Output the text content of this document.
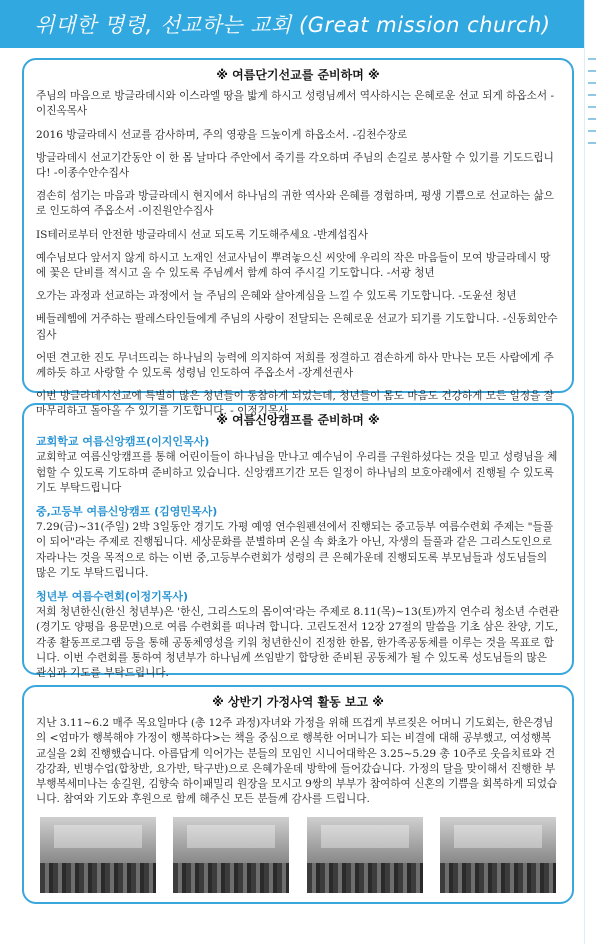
위대한 명령, 선교하는 교회 (Great mission church)
※ 여름단기선교를 준비하며 ※

주님의 마음으로 방글라데시와 이스라엘 땅을 밟게 하시고 성령님께서 역사하시는 은혜로운 선교 되게 하옵소서 -이진옥목사

2016 방글라데시 선교를 감사하며, 주의 영광을 드높이게 하옵소서. -김천수장로

방글라데시 선교기간동안 이 한 몸 날마다 주안에서 죽기를 각오하며 주님의 손길로 봉사할 수 있기를 기도드립니다! -이종수안수집사

겸손히 섬기는 마음과 방글라데시 현지에서 하나님의 귀한 역사와 은혜를 경험하며, 평생 기쁨으로 선교하는 삶으로 인도하여 주옵소서 -이진원안수집사

IS테러로부터 안전한 방글라데시 선교 되도록 기도해주세요 -반계섭집사

예수님보다 앞서지 않게 하시고 노재인 선교사님이 뿌려놓으신 씨앗에 우리의 작은 마음들이 모여 방글라데시 땅에 꽃은 단비를 적시고 올 수 있도록 주님께서 함께 하여 주시길 기도합니다. -서광 청년

오가는 과정과 선교하는 과정에서 늘 주님의 은혜와 살아계심을 느낄 수 있도록 기도합니다. -도윤선 청년

베들레헴에 거주하는 팔레스타인들에게 주님의 사랑이 전달되는 은혜로운 선교가 되기를 기도합니다. -신동희안수집사

어떤 견고한 진도 무너뜨리는 하나님의 능력에 의지하여 저희를 정결하고 겸손하게 하사 만나는 모든 사람에게 주께하듯 하고 사랑할 수 있도록 성령님 인도하여 주옵소서 -장계선권사

이번 방글라데시선교에 특별히 많은 청년들이 동참하게 되었는데, 청년들이 몸도 마음도 건강하게 모든 일정을 잘 마무리하고 돌아올 수 있기를 기도합니다. - 이정기목사

※ 여름신앙캠프를 준비하며 ※
교회학교 여름신앙캠프(이지인목사)

교회학교 여름신앙캠프를 통해 어린이들이 하나님을 만나고 예수님이 우리를 구원하셨다는 것을 믿고 성령님을 체험할 수 있도록 기도하며 준비하고 있습니다. 신앙캠프기간 모든 일정이 하나님의 보호아래에서 진행될 수 있도록 기도 부탁드립니다

중,고등부 여름신앙캠프 (김영민목사)

7.29(금)~31(주일) 2박 3일동안 경기도 가평 예영 연수원펜션에서 진행되는 중고등부 여름수련회 주제는 "들풀이 되어"라는 주제로 진행됩니다. 세상문화를 분별하며 온실 속 화초가 아닌, 자생의 들풀과 같은 그리스도인으로 자라나는 것을 목적으로 하는 이번 중,고등부수련회가 성령의 큰 은혜가운데 진행되도록 부모님들과 성도님들의 많은 기도 부탁드립니다.

청년부 여름수련회(이정기목사)

저희 청년한신(한신 청년부)은 '한신, 그리스도의 몸이여'라는 주제로 8.11(목)~13(토)까지 연수리 청소년 수련관(경기도 양평읍 용문면)으로 여름 수련회를 떠나려 합니다. 고린도전서 12장 27절의 말씀을 기초 삼은 찬양, 기도, 각종 활동프로그램 등을 통해 공동체영성을 키워 청년한신이 진정한 한몸, 한가족공동체를 이루는 것을 목표로 합니다. 이번 수련회를 통하여 청년부가 하나님께 쓰임받기 합당한 준비된 공동체가 될 수 있도록 성도님들의 많은 관심과 기도를 부탁드립니다.

※ 상반기 가정사역 활동 보고 ※

지난 3.11~6.2 매주 목요일마다 (총 12주 과정)자녀와 가정을 위해 뜨겁게 부르짖은 어머니 기도회는, 한은경님의 <엄마가 행복해야 가정이 행복하다>는 책을 중심으로 행복한 어머니가 되는 비결에 대해 공부했고, 여성행복교실을 2회 진행했습니다. 아름답게 익어가는 분들의 모임인 시니어대학은 3.25~5.29 총 10주로 웃음치료와 건강강좌, 빈병수업(합창반, 요가반, 탁구반)으로 은혜가운데 방학에 들어갔습니다. 가정의 달을 맞이해서 진행한 부부행복세미나는 송길원, 김향숙 하이패밀리 원장을 모시고 9쌍의 부부가 참여하여 신혼의 기쁨을 회복하게 되었습니다. 참여와 기도와 후원으로 함께 해주신 모든 분들께 감사를 드립니다.
